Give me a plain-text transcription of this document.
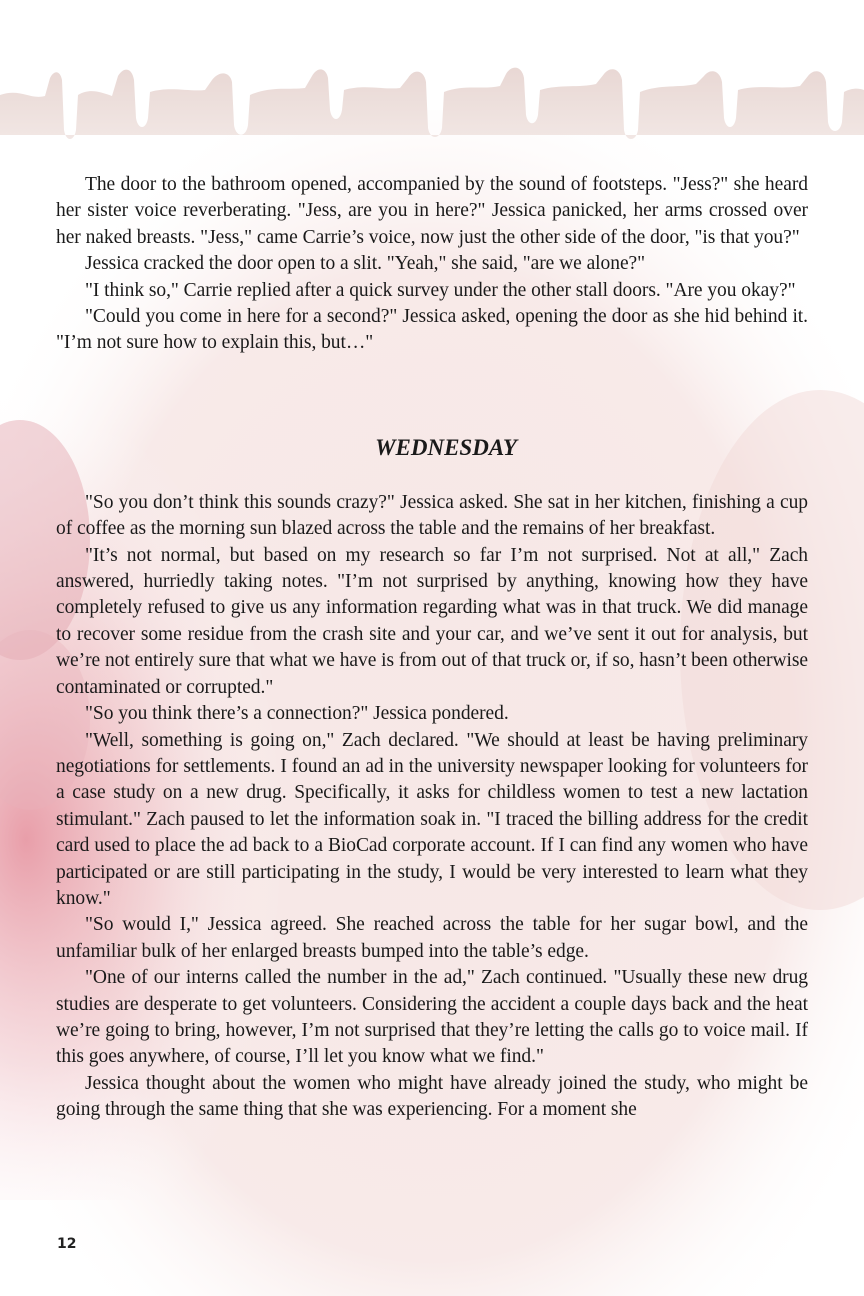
The door to the bathroom opened, accompanied by the sound of footsteps. "Jess?" she heard her sister voice reverberating. "Jess, are you in here?" Jessica panicked, her arms crossed over her naked breasts. "Jess," came Carrie’s voice, now just the other side of the door, "is that you?"

Jessica cracked the door open to a slit. "Yeah," she said, "are we alone?"

"I think so," Carrie replied after a quick survey under the other stall doors. "Are you okay?"

"Could you come in here for a second?" Jessica asked, opening the door as she hid behind it. "I’m not sure how to explain this, but…"

WEDNESDAY

"So you don’t think this sounds crazy?" Jessica asked. She sat in her kitchen, finishing a cup of coffee as the morning sun blazed across the table and the remains of her breakfast.

"It’s not normal, but based on my research so far I’m not surprised. Not at all," Zach answered, hurriedly taking notes. "I’m not surprised by anything, knowing how they have completely refused to give us any information regarding what was in that truck. We did manage to recover some residue from the crash site and your car, and we’ve sent it out for analysis, but we’re not entirely sure that what we have is from out of that truck or, if so, hasn’t been otherwise contaminated or corrupted."

"So you think there’s a connection?" Jessica pondered.

"Well, something is going on," Zach declared. "We should at least be having preliminary negotiations for settlements. I found an ad in the university newspaper looking for volunteers for a case study on a new drug. Specifically, it asks for childless women to test a new lactation stimulant." Zach paused to let the information soak in. "I traced the billing address for the credit card used to place the ad back to a BioCad corporate account. If I can find any women who have participated or are still participating in the study, I would be very interested to learn what they know."

"So would I," Jessica agreed. She reached across the table for her sugar bowl, and the unfamiliar bulk of her enlarged breasts bumped into the table’s edge.

"One of our interns called the number in the ad," Zach continued. "Usually these new drug studies are desperate to get volunteers. Considering the accident a couple days back and the heat we’re going to bring, however, I’m not surprised that they’re letting the calls go to voice mail. If this goes anywhere, of course, I’ll let you know what we find."

Jessica thought about the women who might have already joined the study, who might be going through the same thing that she was experiencing. For a moment she

12
